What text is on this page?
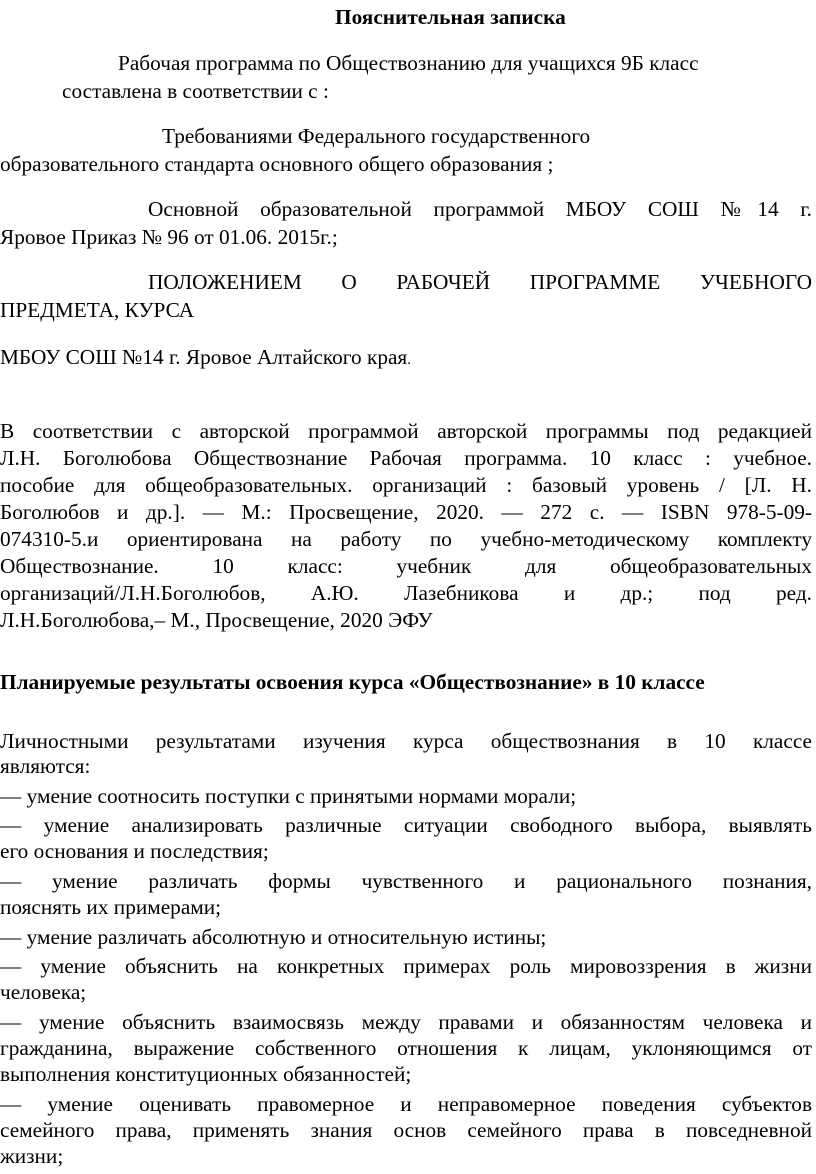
Пояснительная записка
Рабочая программа по Обществознанию для учащихся 9Б класс
составлена в соответствии с :
Требованиями Федерального государственного
образовательного стандарта основного общего образования ;
Основной образовательной программой МБОУ СОШ №14 г.
Яровое Приказ № 96 от 01.06. 2015г.;
ПОЛОЖЕНИЕМ О РАБОЧЕЙ ПРОГРАММЕ УЧЕБНОГО
ПРЕДМЕТА, КУРСА
МБОУ СОШ №14 г. Яровое Алтайского края.
В соответствии с авторской программой авторской программы под редакцией
Л.Н. Боголюбова Обществознание Рабочая программа. 10 класс : учебное.
пособие для общеобразовательных. организаций : базовый уровень / [Л. Н.
Боголюбов и др.]. — М.: Просвещение, 2020. — 272 с. — ISBN 978-5-09-
074310-5.и ориентирована на работу по учебно-методическому комплекту
Обществознание. 10 класс: учебник для общеобразовательных
организаций/Л.Н.Боголюбов, А.Ю. Лазебникова и др.; под ред.
Л.Н.Боголюбова,– М., Просвещение, 2020 ЭФУ
Планируемые результаты освоения курса «Обществознание» в 10 классе
Личностными результатами изучения курса обществознания в 10 классе
являются:
— умение соотносить поступки с принятыми нормами морали;
— умение анализировать различные ситуации свободного выбора, выявлять
его основания и последствия;
— умение различать формы чувственного и рационального познания,
пояснять их примерами;
— умение различать абсолютную и относительную истины;
— умение объяснить на конкретных примерах роль мировоззрения в жизни
человека;
— умение объяснить взаимосвязь между правами и обязанностям человека и
гражданина, выражение собственного отношения к лицам, уклоняющимся от
выполнения конституционных обязанностей;
— умение оценивать правомерное и неправомерное поведения субъектов
семейного права, применять знания основ семейного права в повседневной
жизни;
